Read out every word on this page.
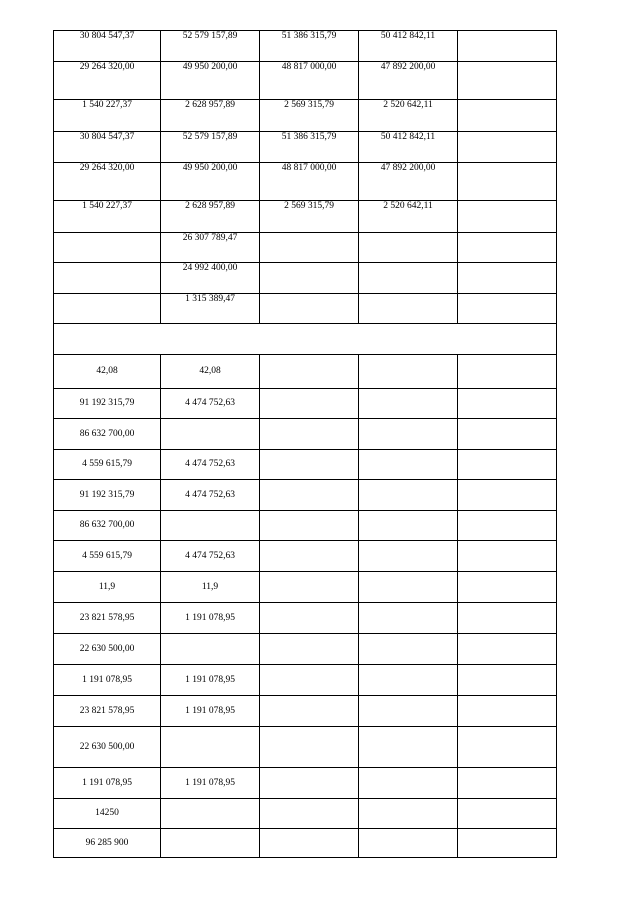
30 804 547,37	52 579 157,89	51 386 315,79	50 412 842,11	
29 264 320,00	49 950 200,00	48 817 000,00	47 892 200,00	
1 540 227,37	2 628 957,89	2 569 315,79	2 520 642,11	
30 804 547,37	52 579 157,89	51 386 315,79	50 412 842,11	
29 264 320,00	49 950 200,00	48 817 000,00	47 892 200,00	
1 540 227,37	2 628 957,89	2 569 315,79	2 520 642,11	
	26 307 789,47			
	24 992 400,00			
	1 315 389,47			

42,08	42,08			
91 192 315,79	4 474 752,63			
86 632 700,00				
4 559 615,79	4 474 752,63			
91 192 315,79	4 474 752,63			
86 632 700,00				
4 559 615,79	4 474 752,63			
11,9	11,9			
23 821 578,95	1 191 078,95			
22 630 500,00				
1 191 078,95	1 191 078,95			
23 821 578,95	1 191 078,95			
22 630 500,00				
1 191 078,95	1 191 078,95			
14250				
96 285 900				
